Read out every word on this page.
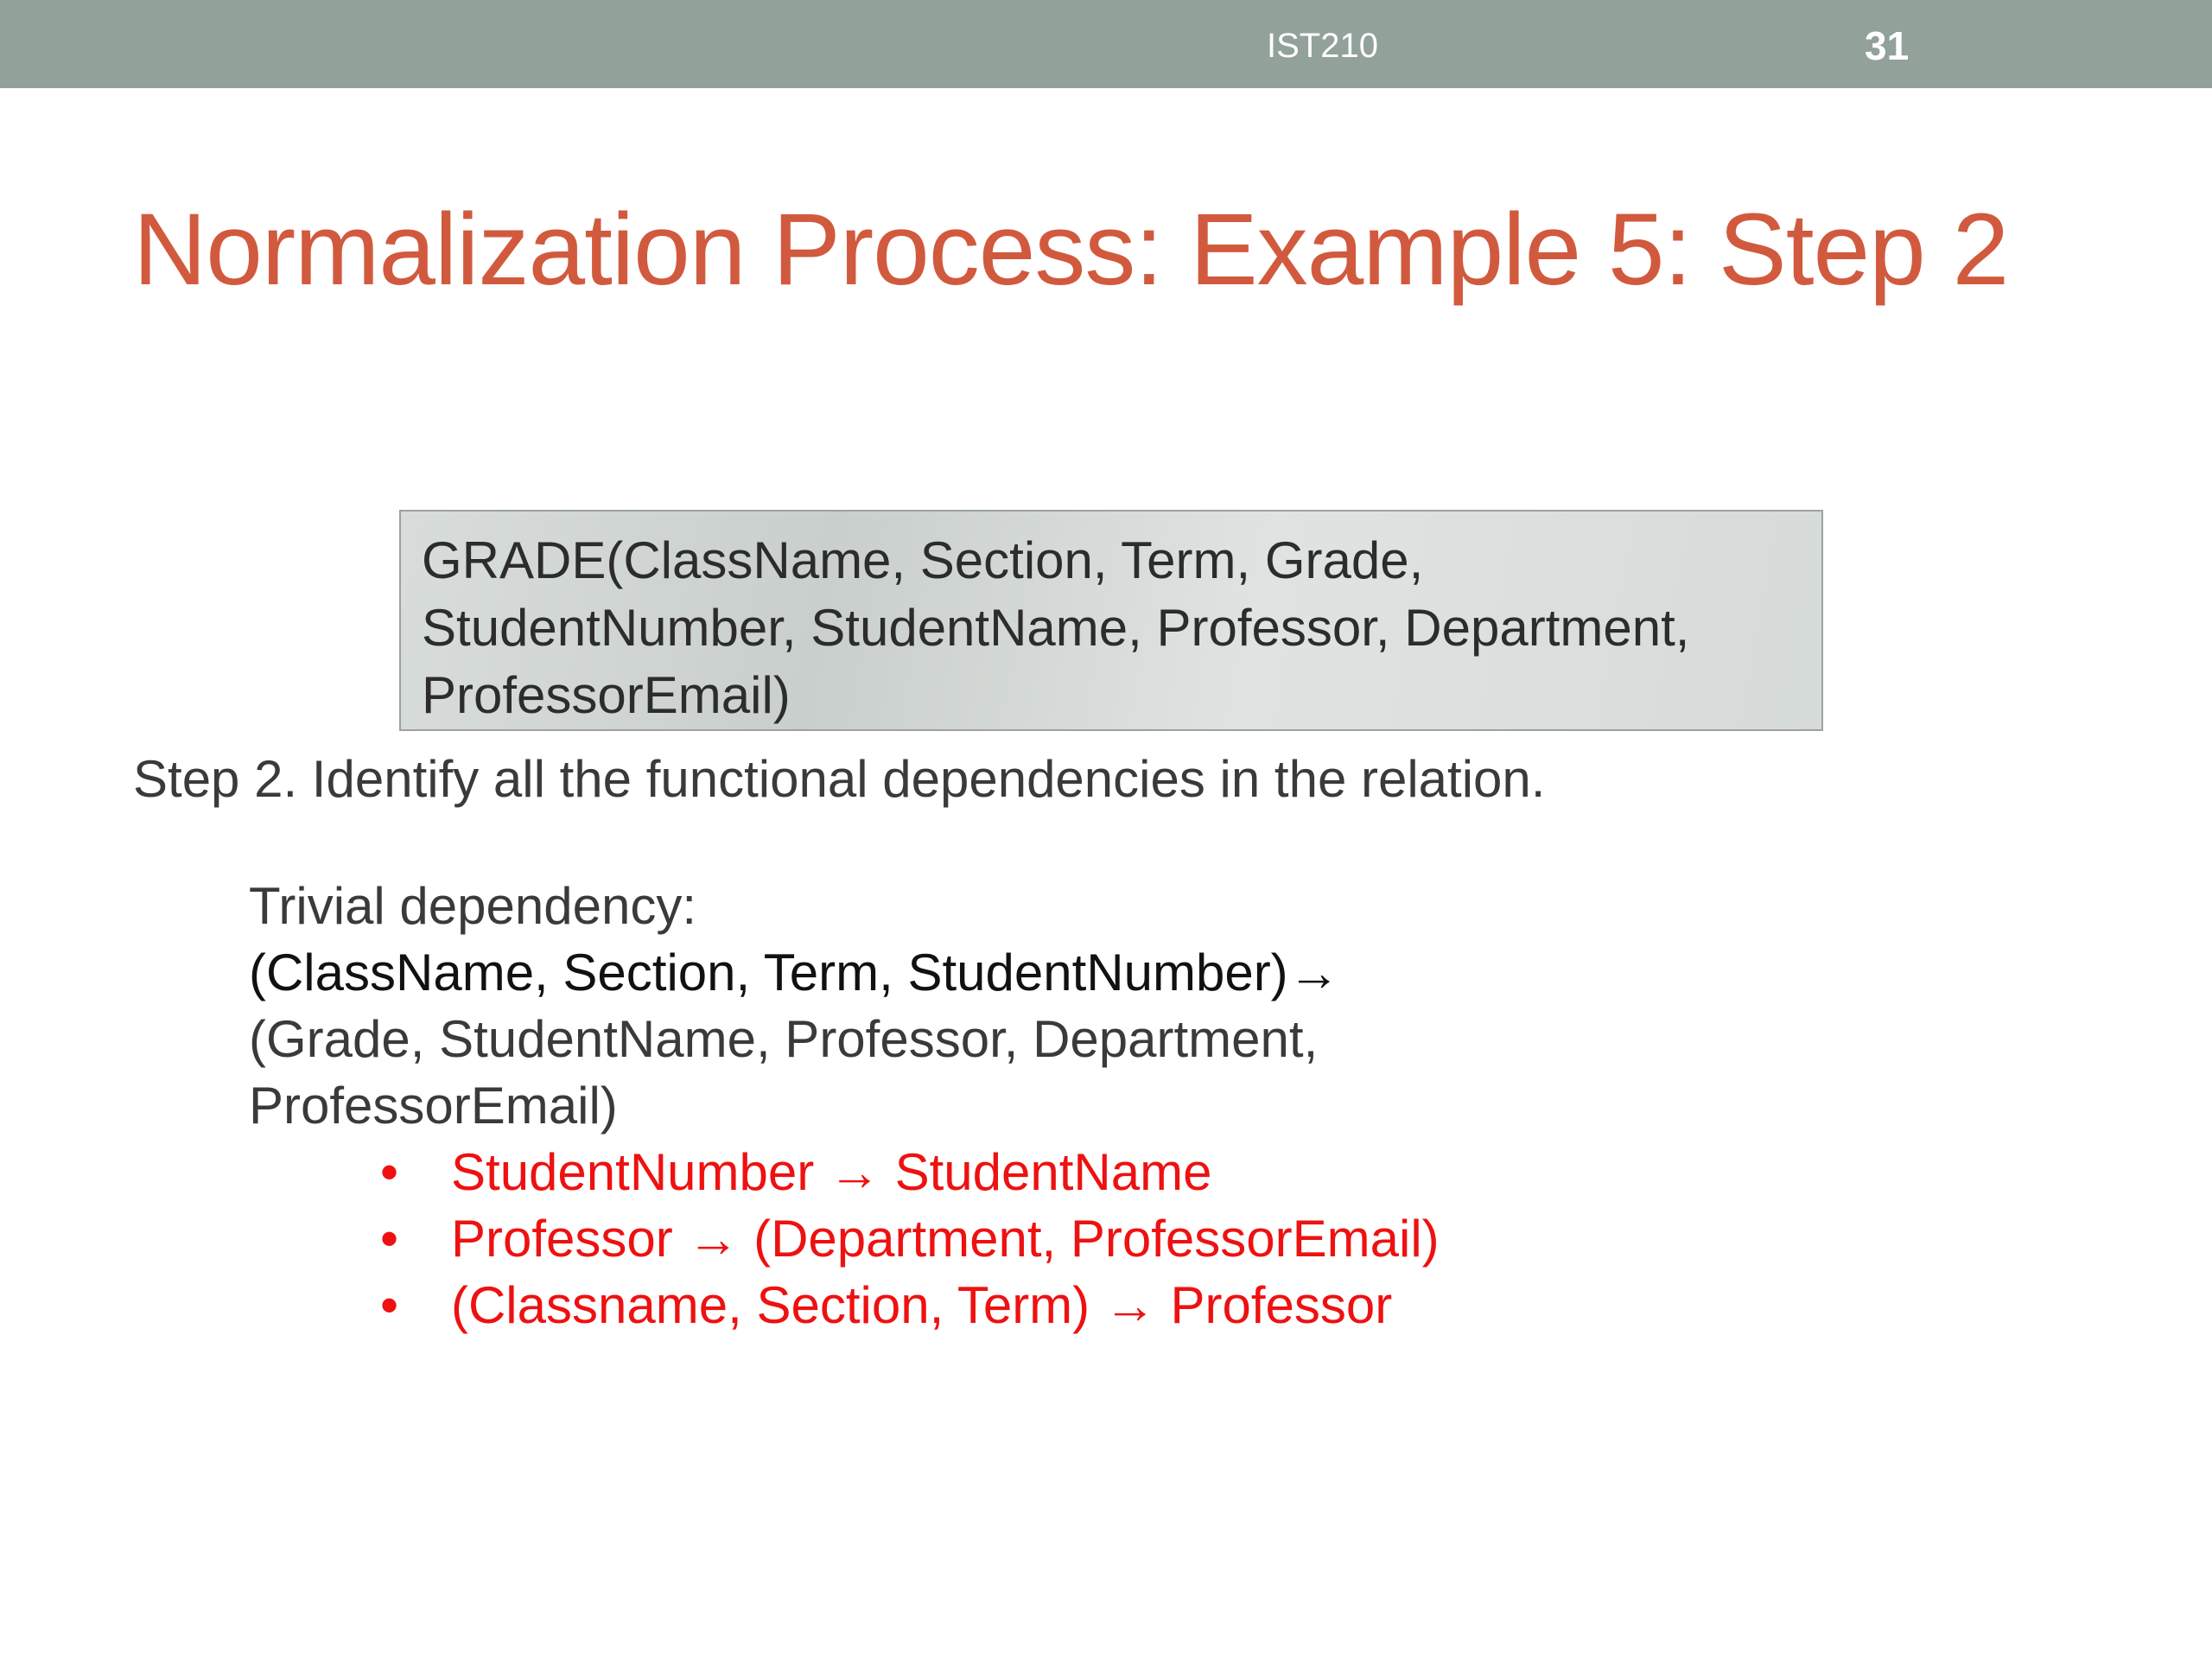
IST210	31
Normalization Process: Example 5: Step 2
GRADE(ClassName, Section, Term, Grade,
StudentNumber, StudentName, Professor, Department,
ProfessorEmail)
Step 2. Identify all the functional dependencies in the relation.
Trivial dependency:
(ClassName, Section, Term, StudentNumber)→
(Grade, StudentName, Professor, Department,
ProfessorEmail)
• StudentNumber → StudentName
• Professor → (Department, ProfessorEmail)
• (Classname, Section, Term) → Professor
